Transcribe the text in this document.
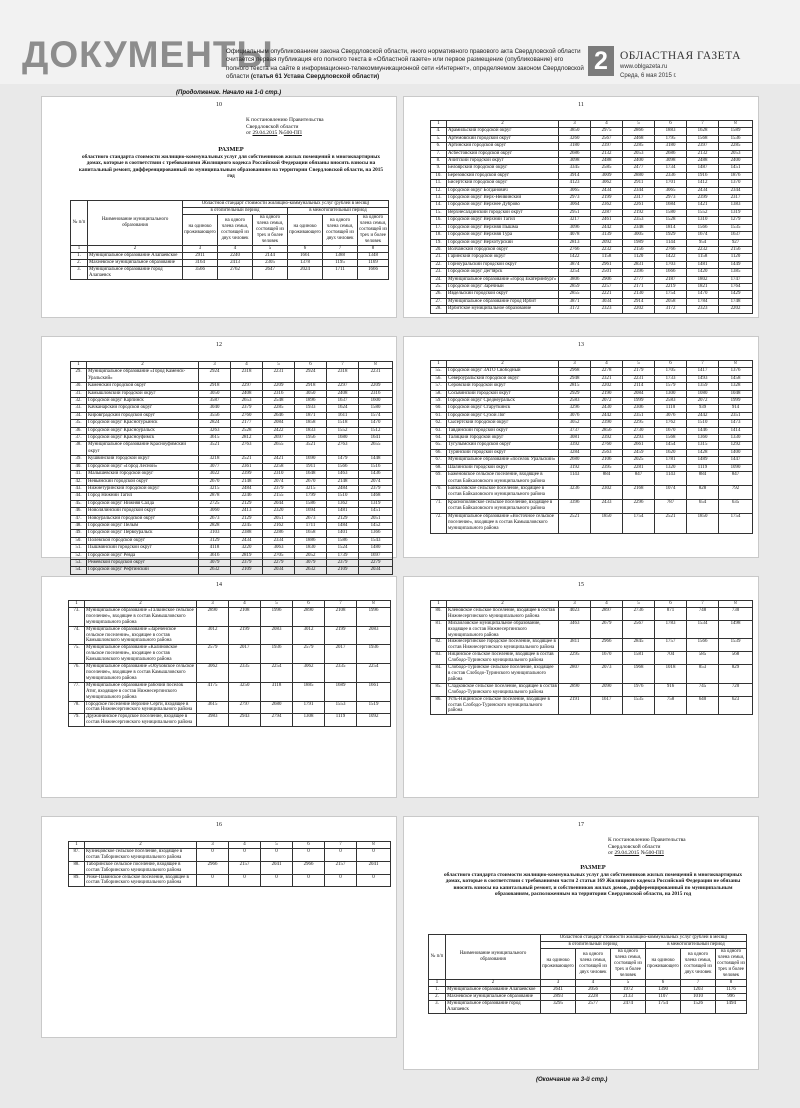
ДОКУМЕНТЫ
Официальным опубликованием закона Свердловской области, иного нормативного правового акта Свердловской области считается первая публикация его полного текста в «Областной газете» или первое размещение (опубликование) его полного текста на сайте в информационно-телекоммуникационной сети «Интернет», определяемом законом Свердловской области (статья 61 Устава Свердловской области)
2	ОБЛАСТНАЯ ГАЗЕТА
www.oblgazeta.ru
Среда, 6 мая 2015 г.
(Продолжение. Начало на 1-й стр.)
10
К постановлению Правительства
Свердловской области
от 29.04.2015 №500-ПП
РАЗМЕР
областного стандарта стоимости жилищно-коммунальных услуг для собственников жилых помещений в многоквартирных домах, которые в соответствии с требованиями Жилищного кодекса Российской Федерации обязаны вносить взносы на капитальный ремонт, дифференцированный по муниципальным образованиям на территории Свердловской области, на 2015 год
№ п/п	Наименование муниципального образования	Областной стандарт стоимости жилищно-коммунальных услуг (рублей в месяц)					
		в отопительный период			в межотопительный период		
		на одиноко проживающего	на одного члена семьи, состоящей из двух человек	на одного члена семьи, состоящей из трех и более человек	на одиноко проживающего	на одного члена семьи, состоящей из двух человек	на одного члена семьи, состоящей из трех и более человек

1	2	3	4	5	6	7	8
1.	Муниципальное образование Алапаевское	2911	2240	2144	1661	1388	1348
2.	Махневское муниципальное образование	3164	2413	2305	1378	1195	1169
3.	Муниципальное образование город Алапаевск	3566	2762	2647	2024	1711	1666
11
1	2	3	4	5	6	7	8
4.	Арамильский городской округ	3850	2975	2866	1883	1628	1589
5.	Артемовский городской округ	3260	2567	2468	1795	1568	1536
6.	Артинский городской округ	3180	2397	2285	3180	2397	2285
7.	Асбестовский городской округ	2686	2132	2053	2686	2132	2053
8.	Ачитский городской округ	3098	2488	2400	3098	2488	2400
9.	Белоярский городской округ	3345	2585	2477	1734	1487	1451
10.	Березовский городской округ	3914	3009	2880	2336	1916	1876
11.	Бисертский городской округ	4123	3062	2911	1701	1412	1370
12.	Городской округ Богданович	3065	2434	2344	3065	2434	2344
13.	Городской округ Верх-Нейвинский	2973	2199	2317	2973	2399	2317
14.	Городской округ Верхнее Дуброво	3064	2362	2261	1684	1421	1383
15.	Верхнесалдинский городской округ	2951	2287	2192	1580	1552	1319
16.	Городской округ Верхний Тагил	3217	2461	2353	1528	1310	1279
17.	Городской округ Верхняя Пышма	3096	2442	2348	1814	1566	1535
18.	Городской округ Верхняя Тура	4078	3139	3005	1929	1674	1637
19.	Городской округ Верхотурский	2813	2092	1989	1144	954	927
20.	Волчанский городской округ	2766	2232	2156	2766	2232	2156
21.	Гаринский городской округ	1422	1158	1120	1422	1158	1120
22.	Горноуральский городской округ	3874	2961	2831	1703	1481	1449
23.	Городской округ Дегтярск	3254	2501	2396	1666	1420	1385
24.	Муниципальное образование «город Екатеринбург»	3806	2906	2777	2187	1802	1747
25.	Городской округ Заречный	2859	2257	2171	2219	1821	1764
26.	Ивдельский городской округ	2855	2221	2130	1754	1470	1429
27.	Муниципальное образование город Ирбит	3871	3034	2914	2058	1784	1748
28.	Ирбитское муниципальное образование	3172	2323	2202	3172	2323	2202
12
1	2	3	4	5	6	7	8
29.	Муниципальное образование «Город Каменск-Уральский»	2924	2318	2231	2924	2318	2231
30.	Каменский городской округ	2918	2297	2209	2918	2297	2209
31.	Камышловский городской округ	3050	2408	2316	3050	2408	2316
32.	Городской округ Карпинск	3587	2653	2548	1896	1637	1600
33.	Качканарский городской округ	3040	2379	2285	1933	1624	1580
34.	Кировградский городской округ	3556	2760	2646	1871	1611	1574
35.	Городской округ Краснотурьинск	2824	2177	2084	1858	1518	1470
36.	Городской округ Красноуральск	3263	2528	2422	1833	1552	1512
37.	Городской округ Красноуфимск	3615	2812	2697	1956	1680	1641
38.	Муниципальное образование Красноуфимский округ	3521	2763	2655	3521	2763	2655
39.	Кушвинский городской округ	3218	2521	2421	1690	1479	1448
40.	Городской округ «Город Лесной»	3077	2361	2258	1911	1566	1516
41.	Малышевский городской округ	3022	2399	2310	1648	1463	1436
42.	Невьянский городской округ	2670	2148	2074	2670	2148	2074
43.	Нижнетуринский городской округ	3215	2484	2379	3215	2484	2379
44.	Город Нижний Тагил	2878	2246	2155	1799	1510	1468
45.	Городской округ Нижняя Салда	2725	2129	2044	1586	1362	1319
46.	Новолялинский городской округ	3060	2413	2320	1694	1481	1451
47.	Новоуральский городской округ	2673	2129	2051	2673	2129	2051
48.	Городской округ Пелым	2828	2245	2162	1711	1484	1452
49.	Городской округ Первоуральск	3103	2388	2286	1658	1401	1366
50.	Полевской городской округ	3129	2434	2334	1886	1586	1543
51.	Пышминский городской округ	4118	3220	3063	1830	1524	1480
52.	Городской округ Ревда	3616	2819	2705	2052	1739	1697
53.	Режевской городской округ	3079	2379	2279	3079	2379	2279
54.	Городской округ Рефтинский	2632	2109	2034	2632	2109	2034
13
1	2	3	4	5	6	7	8
55.	Городской округ ЗАТО Свободный	2968	2278	2179	1705	1417	1376
56.	Североуральский городской округ	2948	2321	2231	1733	1493	1458
57.	Серовский городской округ	2815	2202	2114	1579	1359	1328
58.	Сосьвинский городской округ	2929	2190	2084	1300	1080	1048
59.	Городской округ Среднеуральск	2583	2072	1999	2583	2072	1999
60.	Городской округ Старуткинск	3296	2430	2306	1110	939	914
61.	Городской округ Сухой Лог	3076	2442	2351	3076	2442	2351
62.	Сысертский городской округ	3052	2390	2295	1762	1510	1473
63.	Тавдинский городской округ	3737	2856	2730	1670	1446	1414
64.	Талицкий городской округ	3081	2392	2293	1568	1360	1330
65.	Тугулымский городской округ	3392	2760	2661	1454	1315	1292
66.	Туринский городской округ	3284	2563	2459	1620	1428	1400
67.	Муниципальное образование «поселок Уральский»	2680	2106	2025	1781	1489	1447
68.	Шалинский городской округ	3192	2395	2281	1320	1119	1090
69.	Баженовское сельское поселение, входящее в состав Байкаловского муниципального района	1143	884	847	1143	884	847
70.	Байкаловское сельское поселение, входящее в состав Байкаловского муниципального района	3236	2302	2168	1074	828	792
71.	Краснополянское сельское поселение, входящее в состав Байкаловского муниципального района	3396	2433	2296	787	654	635
72.	Муниципальное образование «Восточное сельское поселение», входящее в состав Камышловского муниципального района	2521	1850	1754	2521	1850	1754
14
1	2	3	4	5	6	7	8
73.	Муниципальное образование «Галкинское сельское поселение», входящее в состав Камышловского муниципального района	2890	2108	1996	2890	2108	1996
74.	Муниципальное образование «Зареченское сельское поселение», входящее в состав Камышловского муниципального района	3012	2199	2083	3012	2199	2083
75.	Муниципальное образование «Калиновское сельское поселение», входящее в состав Камышловского муниципального района	2579	2017	1936	2579	2017	1936
76.	Муниципальное образование «Обуховское сельское поселение», входящее в состав Камышловского муниципального района	3062	2335	2254	3062	2335	2254
77.	Муниципальное образование рабочий поселок Атиг, входящее в состав Нижнесергинского муниципального района	4175	3250	3118	1885	1689	1661
78.	Городское поселение Верхние Серги, входящее в состав Нижнесергинского муниципального района	3615	2797	2680	1791	1553	1519
79.	Дружининское городское поселение, входящее в состав Нижнесергинского муниципального района	3983	2943	2794	1308	1119	1092
15
1	2	3	4	5	6	7	8
80.	Клёновское сельское поселение, входящее в состав Нижнесергинского муниципального района	4023	2897	2736	871	748	730
81.	Михайловское муниципальное образование, входящее в состав Нижнесергинского муниципального района	3463	2679	2567	1783	1534	1498
82.	Нижнесергинское городское поселение, входящее в состав Нижнесергинского муниципального района	3811	2966	2845	1757	1566	1539
83.	Ницинское сельское поселение, входящее в состав Слободо-Туринского муниципального района	2295	1670	1581	704	585	568
84.	Слободо-Туринское сельское поселение, входящее в состав Слободо-Туринского муниципального района	2807	2073	1968	1018	853	829
85.	Сладковское сельское поселение, входящее в состав Слободо-Туринского муниципального района	2890	2090	1976	916	745	720
86.	Усть-Ницинское сельское поселение, входящее в состав Слободо-Туринского муниципального района	2191	1617	1535	758	640	623
16
1	2	3	4	5	6	7	8
87.	Кузнецовское сельское поселение, входящее в состав Таборинского муниципального района	0	0	0	0	0	0
88.	Таборинское сельское поселение, входящее в состав Таборинского муниципального района	2966	2157	2041	2966	2157	2041
89.	Унже-Павинское сельское поселение, входящее в состав Таборинского муниципального района	0	0	0	0	0	0
17
К постановлению Правительства
Свердловской области
от 29.04.2015 №500-ПП
РАЗМЕР
областного стандарта стоимости жилищно-коммунальных услуг для собственников жилых помещений в многоквартирных домах, которые в соответствии с требованиями части 2 статьи 169 Жилищного кодекса Российской Федерации не обязаны вносить взносы на капитальный ремонт, и собственников жилых домов, дифференцированный по муниципальным образованиям, расположенным на территории Свердловской области, на 2015 год
№ п/п	Наименование муниципального образования	Областной стандарт стоимости жилищно-коммунальных услуг (рублей в месяц)					
		в отопительный период			в межотопительный период		
		на одиноко проживающего	на одного члена семьи, состоящей из двух человек	на одного члена семьи, состоящей из трех и более человек	на одиноко проживающего	на одного члена семьи, состоящей из двух человек	на одного члена семьи, состоящей из трех и более человек

1	2	3	4	5	6	7	8
1.	Муниципальное образование Алапаевское	2641	2056	1972	1390	1203	1176
2.	Махневское муниципальное образование	2893	2228	2133	1107	1010	996
3.	Муниципальное образование город Алапаевск	3295	2577	2474	1754	1526	1494
(Окончание на 3-й стр.)
